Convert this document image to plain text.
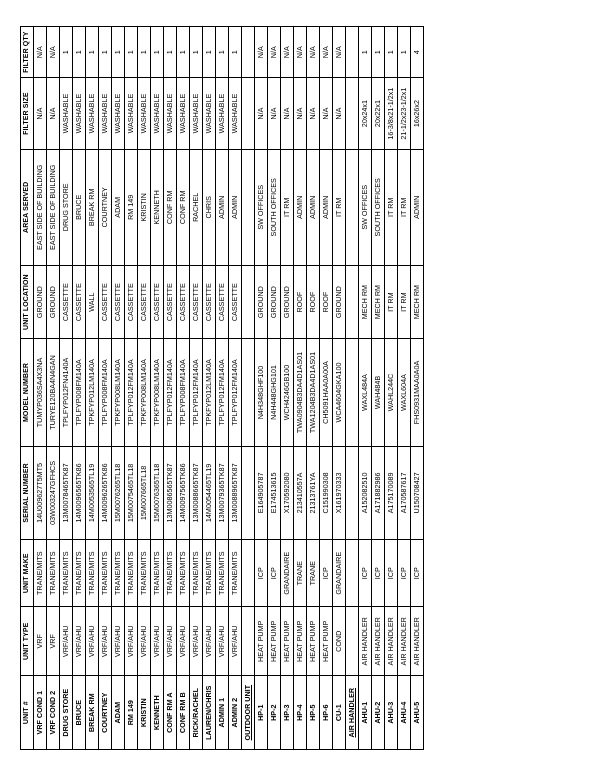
UNIT #	UNIT TYPE	UNIT MAKE	SERIAL NUMBER	MODEL NUMBER	UNIT LOCATION	AREA SERVED	FILTER SIZE	FILTER QTY
VRF COND 1	VRF	TRANE/MITS	14U009627T5MT5	TUMYP036SA4X3NA	GROUND	EAST SIDE OF BUILDING	N/A	N/A
VRF COND 2	VRF	TRANE/MITS	03W003247GFHCS	TURYE120BA4N4GAN	GROUND	EAST SIDE OF BUILDING	N/A	N/A
DRUG STORE	VRF/AHU	TRANE/MITS	13M0078465TK87	TPLFYP012FN4140A	CASSETTE	DRUG STORE	WASHABLE	1
BRUCE	VRF/AHU	TRANE/MITS	14M0096565TK86	TPLFYP008FM140A	CASSETTE	BRUCE	WASHABLE	1
BREAK RM	VRF/AHU	TRANE/MITS	14M0053565TL19	TPKFYP012LM140A	WALL	BREAK RM	WASHABLE	1
COURTNEY	VRF/AHU	TRANE/MITS	14M0096265TK86	TPLFYP008FM140A	CASSETTE	COURTNEY	WASHABLE	1
ADAM	VRF/AHU	TRANE/MITS	15M0076265TL18	TPKFYP008LM140A	CASSETTE	ADAM	WASHABLE	1
RM 149	VRF/AHU	TRANE/MITS	15M0075465TL18	TPLFYP012FM140A	CASSETTE	RM 149	WASHABLE	1
KRISTIN	VRF/AHU	TRANE/MITS	15M007665TL18	TPKFYP008LM140A	CASSETTE	KRISTIN	WASHABLE	1
KENNETH	VRF/AHU	TRANE/MITS	15M0076365TL18	TPKFYP008LM140A	CASSETTE	KENNETH	WASHABLE	1
CONF RM A	VRF/AHU	TRANE/MITS	13M0086565TK87	TPLFYP012FM140A	CASSETTE	CONF RM	WASHABLE	1
CONF RM B	VRF/AHU	TRANE/MITS	14M0097565TK86	TPLFYP008FM140A	CASSETTE	CONF RM	WASHABLE	1
RICK/RACHEL	VRF/AHU	TRANE/MITS	13M0088665TK87	TPLFYP012FM140A	CASSETTE	RACHEL	WASHABLE	1
LAUREN/CHRIS	VRF/AHU	TRANE/MITS	14M0054465TL19	TPKFYP012LM140A	CASSETTE	CHRIS	WASHABLE	1
ADMIN 1	VRF/AHU	TRANE/MITS	13M0079365TK87	TPLFYP012FM140A	CASSETTE	ADMIN	WASHABLE	1
ADMIN 2	VRF/AHU	TRANE/MITS	13M0088965TK87	TPLFYP012FM140A	CASSETTE	ADMIN	WASHABLE	1
OUTDOOR UNIT								
HP-1	HEAT PUMP	ICP	E164905787	N4H348GHF100	GROUND	SW OFFICES	N/A	N/A
HP-2	HEAT PUMP	ICP	E174513615	N4H448GHG101	GROUND	SOUTH OFFICES	N/A	N/A
HP-3	HEAT PUMP	GRANDAIRE	X170592080	WCH4246GB100	GROUND	IT RM	N/A	N/A
HP-4	HEAT PUMP	TRANE	213410557A	TWA0904B3DA4D1AS01	ROOF	ADMIN	N/A	N/A
HP-5	HEAT PUMP	TRANE	21313761YA	TWA1204B3DA4D1AS01	ROOF	ADMIN	N/A	N/A
HP-6	HEAT PUMP	ICP	C151990308	CH5091HAA0A00A	ROOF	ADMIN	N/A	N/A
CU-1	COND	GRANDAIRE	X161970333	WCA4604GKA100	GROUND	IT RM	N/A	N/A
AIR HANDLER								
AHU-1	AIR HANDLER	ICP	A152082510	WAXL484A	MECH RM	SW OFFICES	20x24x1	1
AHU-2	AIR HANDLER	ICP	A171882986	WAH484B	MECH RM	SOUTH OFFICES	20x22x1	1
AHU-3	AIR HANDLER	ICP	A175170089	WAHL244C	IT RM	IT RM	16-3/8x21-1/2x1	1
AHU-4	AIR HANDLER	ICP	A170587617	WAXL604A	IT RM	IT RM	21-1/2x23-1/2x1	1
AHU-5	AIR HANDLER	ICP	U150708427	FHS0931MAA0A0A	MECH RM	ADMIN	16x26x2	4
